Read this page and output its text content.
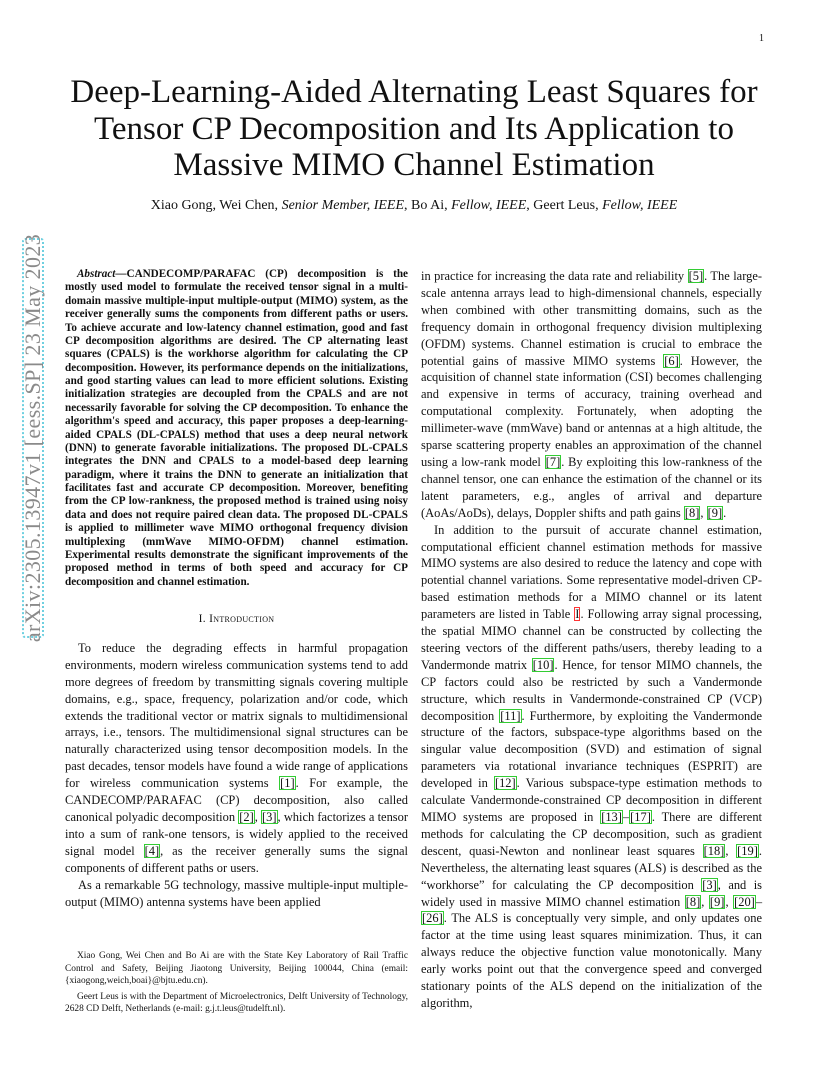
1
arXiv:2305.13947v1 [eess.SP] 23 May 2023
Deep-Learning-Aided Alternating Least Squares for
Tensor CP Decomposition and Its Application to
Massive MIMO Channel Estimation
Xiao Gong, Wei Chen, Senior Member, IEEE, Bo Ai, Fellow, IEEE, Geert Leus, Fellow, IEEE

Abstract—CANDECOMP/PARAFAC (CP) decomposition is the mostly used model to formulate the received tensor signal in a multi-domain massive multiple-input multiple-output (MIMO) system, as the receiver generally sums the components from different paths or users. To achieve accurate and low-latency channel estimation, good and fast CP decomposition algorithms are desired. The CP alternating least squares (CPALS) is the workhorse algorithm for calculating the CP decomposition. However, its performance depends on the initializations, and good starting values can lead to more efficient solutions. Existing initialization strategies are decoupled from the CPALS and are not necessarily favorable for solving the CP decomposition. To enhance the algorithm's speed and accuracy, this paper proposes a deep-learning-aided CPALS (DL-CPALS) method that uses a deep neural network (DNN) to generate favorable initializations. The proposed DL-CPALS integrates the DNN and CPALS to a model-based deep learning paradigm, where it trains the DNN to generate an initialization that facilitates fast and accurate CP decomposition. Moreover, benefiting from the CP low-rankness, the proposed method is trained using noisy data and does not require paired clean data. The proposed DL-CPALS is applied to millimeter wave MIMO orthogonal frequency division multiplexing (mmWave MIMO-OFDM) channel estimation. Experimental results demonstrate the significant improvements of the proposed method in terms of both speed and accuracy for CP decomposition and channel estimation.

I. Introduction

To reduce the degrading effects in harmful propagation environments, modern wireless communication systems tend to add more degrees of freedom by transmitting signals covering multiple domains, e.g., space, frequency, polarization and/or code, which extends the traditional vector or matrix signals to multidimensional arrays, i.e., tensors. The multidimensional signal structures can be naturally characterized using tensor decomposition models. In the past decades, tensor models have found a wide range of applications for wireless communication systems [1]. For example, the CANDECOMP/PARAFAC (CP) decomposition, also called canonical polyadic decomposition [2], [3], which factorizes a tensor into a sum of rank-one tensors, is widely applied to the received signal model [4], as the receiver generally sums the signal components of different paths or users.

As a remarkable 5G technology, massive multiple-input multiple-output (MIMO) antenna systems have been applied

Xiao Gong, Wei Chen and Bo Ai are with the State Key Laboratory of Rail Traffic Control and Safety, Beijing Jiaotong University, Beijing 100044, China (email: {xiaogong,weich,boai}@bjtu.edu.cn).

Geert Leus is with the Department of Microelectronics, Delft University of Technology, 2628 CD Delft, Netherlands (e-mail: g.j.t.leus@tudelft.nl).

in practice for increasing the data rate and reliability [5]. The large-scale antenna arrays lead to high-dimensional channels, especially when combined with other transmitting domains, such as the frequency domain in orthogonal frequency division multiplexing (OFDM) systems. Channel estimation is crucial to embrace the potential gains of massive MIMO systems [6]. However, the acquisition of channel state information (CSI) becomes challenging and expensive in terms of accuracy, training overhead and computational complexity. Fortunately, when adopting the millimeter-wave (mmWave) band or antennas at a high altitude, the sparse scattering property enables an approximation of the channel using a low-rank model [7]. By exploiting this low-rankness of the channel tensor, one can enhance the estimation of the channel or its latent parameters, e.g., angles of arrival and departure (AoAs/AoDs), delays, Doppler shifts and path gains [8], [9].

In addition to the pursuit of accurate channel estimation, computational efficient channel estimation methods for massive MIMO systems are also desired to reduce the latency and cope with potential channel variations. Some representative model-driven CP-based estimation methods for a MIMO channel or its latent parameters are listed in Table I. Following array signal processing, the spatial MIMO channel can be constructed by collecting the steering vectors of the different paths/users, thereby leading to a Vandermonde matrix [10]. Hence, for tensor MIMO channels, the CP factors could also be restricted by such a Vandermonde structure, which results in Vandermonde-constrained CP (VCP) decomposition [11]. Furthermore, by exploiting the Vandermonde structure of the factors, subspace-type algorithms based on the singular value decomposition (SVD) and estimation of signal parameters via rotational invariance techniques (ESPRIT) are developed in [12]. Various subspace-type estimation methods to calculate Vandermonde-constrained CP decomposition in different MIMO systems are proposed in [13]–[17]. There are different methods for calculating the CP decomposition, such as gradient descent, quasi-Newton and nonlinear least squares [18], [19]. Nevertheless, the alternating least squares (ALS) is described as the “workhorse” for calculating the CP decomposition [3], and is widely used in massive MIMO channel estimation [8], [9], [20]–[26]. The ALS is conceptually very simple, and only updates one factor at the time using least squares minimization. Thus, it can always reduce the objective function value monotonically. Many early works point out that the convergence speed and converged stationary points of the ALS depend on the initialization of the algorithm,
